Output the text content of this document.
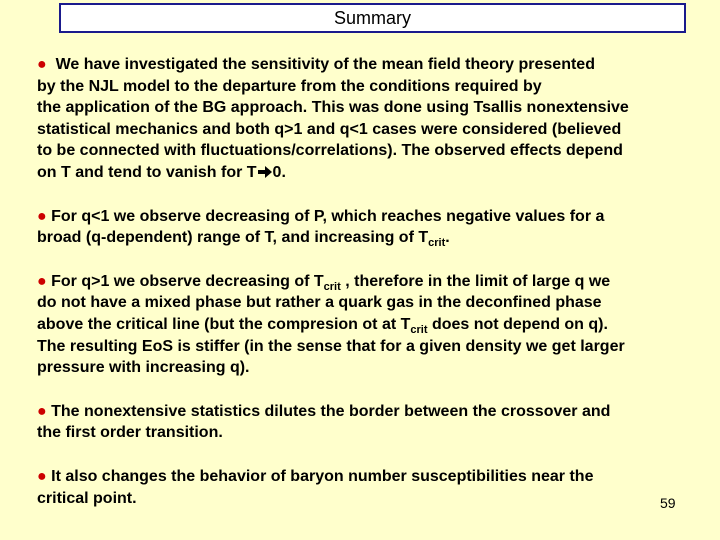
Summary
● We have investigated the sensitivity of the mean field theory presented
by the NJL model to the departure from the conditions required by
the application of the BG approach. This was done using Tsallis nonextensive
statistical mechanics and both q>1 and q<1 cases were considered (believed
to be connected with fluctuations/correlations). The observed effects depend
on T and tend to vanish for T 0.
● For q<1 we observe decreasing of P, which reaches negative values for a
broad (q-dependent) range of T, and increasing of $T_{crit}$.
● For q>1 we observe decreasing of $T_{crit}$ , therefore in the limit of large q we
do not have a mixed phase but rather a quark gas in the deconfined phase
above the critical line (but the compresion ot at $T_{crit}$ does not depend on q).
The resulting EoS is stiffer (in the sense that for a given density we get larger
pressure with increasing q).
● The nonextensive statistics dilutes the border between the crossover and
the first order transition.
● It also changes the behavior of baryon number susceptibilities near the
critical point.	59
